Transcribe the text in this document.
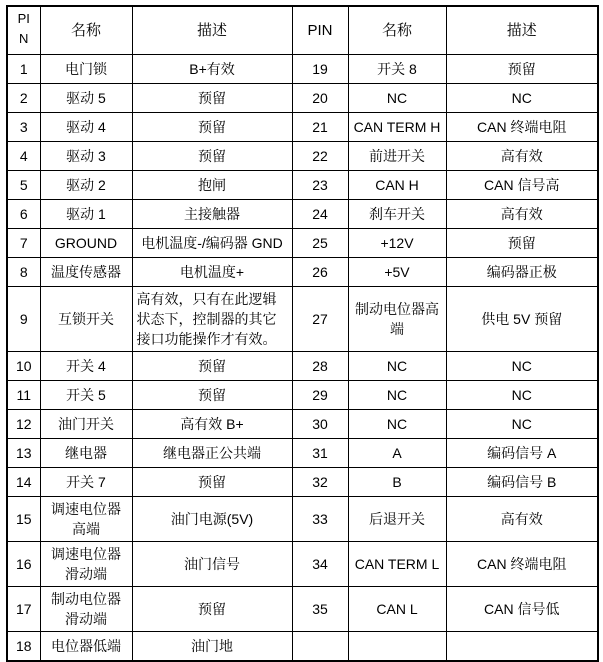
PIN	名称	描述	PIN	名称	描述
1	电门锁	B+有效	19	开关 8	预留
2	驱动 5	预留	20	NC	NC
3	驱动 4	预留	21	CAN TERM H	CAN 终端电阻
4	驱动 3	预留	22	前进开关	高有效
5	驱动 2	抱闸	23	CAN H	CAN 信号高
6	驱动 1	主接触器	24	刹车开关	高有效
7	GROUND	电机温度-/编码器 GND	25	+12V	预留
8	温度传感器	电机温度+	26	+5V	编码器正极
9	互锁开关	高有效，只有在此逻辑状态下，控制器的其它接口功能操作才有效。	27	制动电位器高端	供电 5V 预留
10	开关 4	预留	28	NC	NC
11	开关 5	预留	29	NC	NC
12	油门开关	高有效 B+	30	NC	NC
13	继电器	继电器正公共端	31	A	编码信号 A
14	开关 7	预留	32	B	编码信号 B
15	调速电位器高端	油门电源(5V)	33	后退开关	高有效
16	调速电位器滑动端	油门信号	34	CAN TERM L	CAN 终端电阻
17	制动电位器滑动端	预留	35	CAN L	CAN 信号低
18	电位器低端	油门地			
